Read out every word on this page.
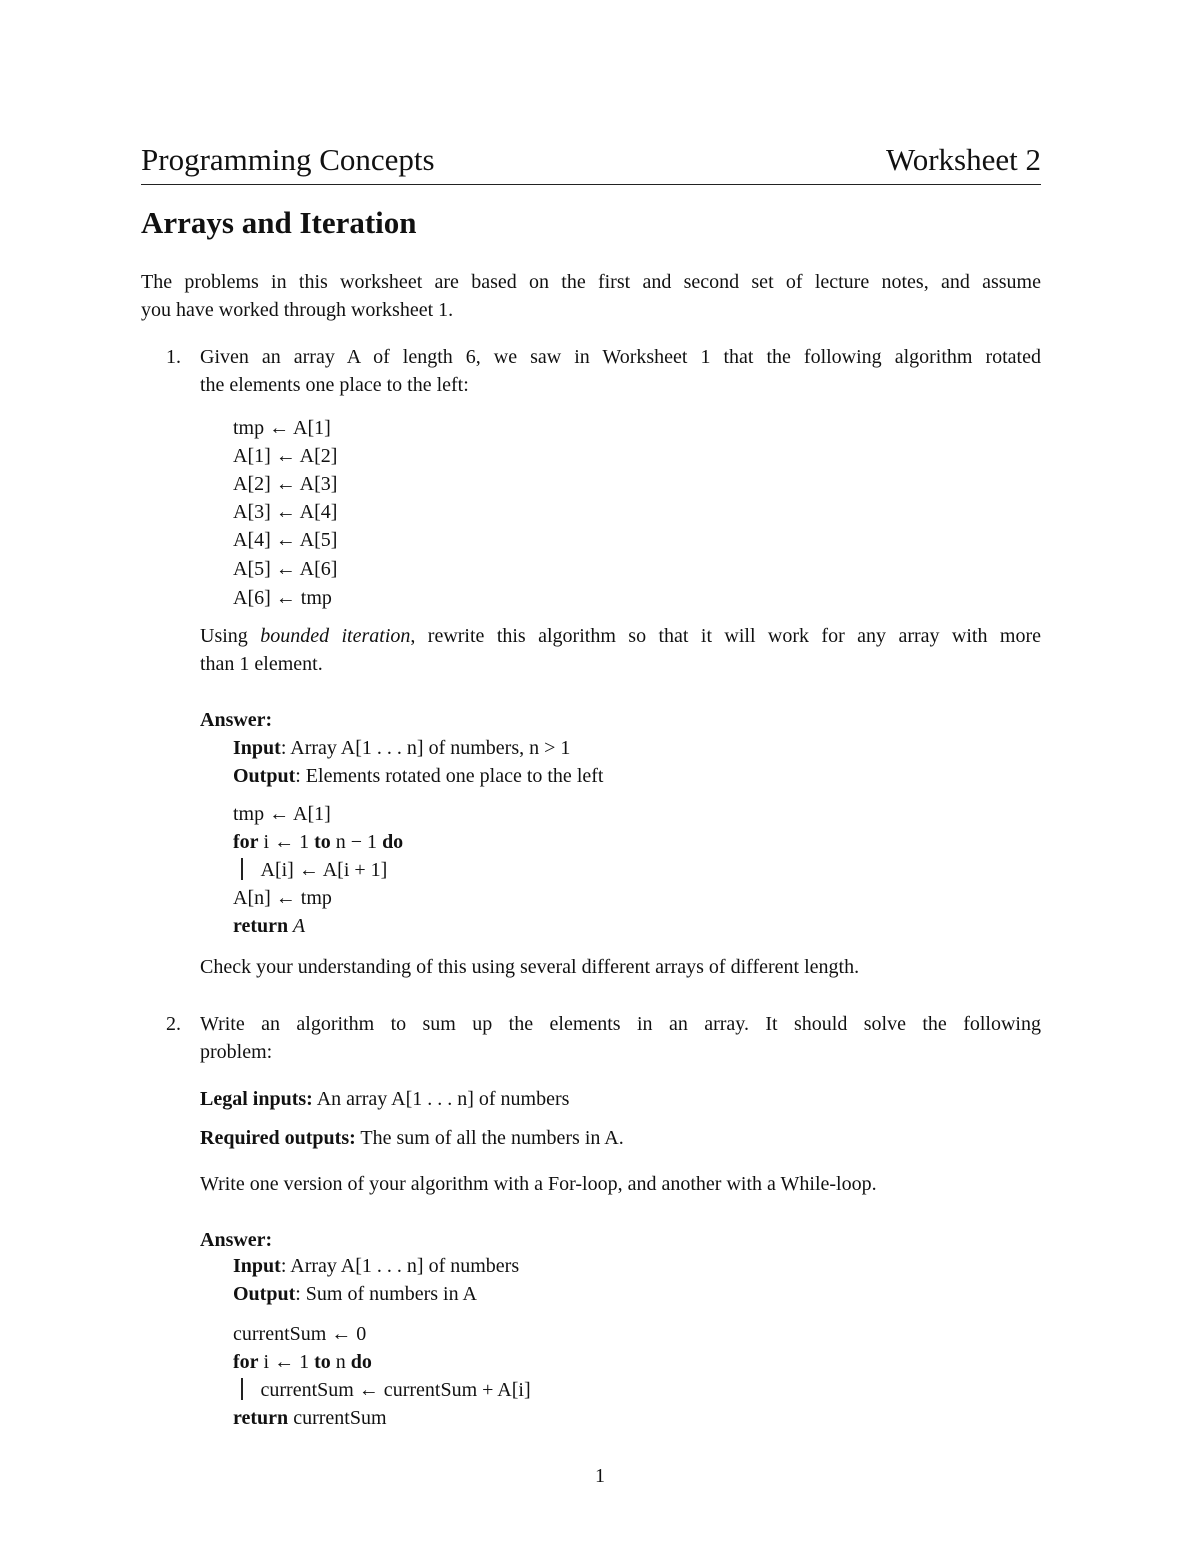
Programming Concepts	Worksheet 2
Arrays and Iteration
The problems in this worksheet are based on the first and second set of lecture notes, and assume
you have worked through worksheet 1.
1. Given an array A of length 6, we saw in Worksheet 1 that the following algorithm rotated
the elements one place to the left:
tmp ← A[1]
A[1] ← A[2]
A[2] ← A[3]
A[3] ← A[4]
A[4] ← A[5]
A[5] ← A[6]
A[6] ← tmp
Using bounded iteration, rewrite this algorithm so that it will work for any array with more
than 1 element.
Answer:
Input: Array A[1 . . . n] of numbers, n > 1
Output: Elements rotated one place to the left
tmp ← A[1]
for i ← 1 to n − 1 do
A[i] ← A[i + 1]
A[n] ← tmp
return A
Check your understanding of this using several different arrays of different length.
2. Write an algorithm to sum up the elements in an array. It should solve the following
problem:
Legal inputs: An array A[1 . . . n] of numbers
Required outputs: The sum of all the numbers in A.
Write one version of your algorithm with a For-loop, and another with a While-loop.
Answer:
Input: Array A[1 . . . n] of numbers
Output: Sum of numbers in A
currentSum ← 0
for i ← 1 to n do
currentSum ← currentSum + A[i]
return currentSum
1
